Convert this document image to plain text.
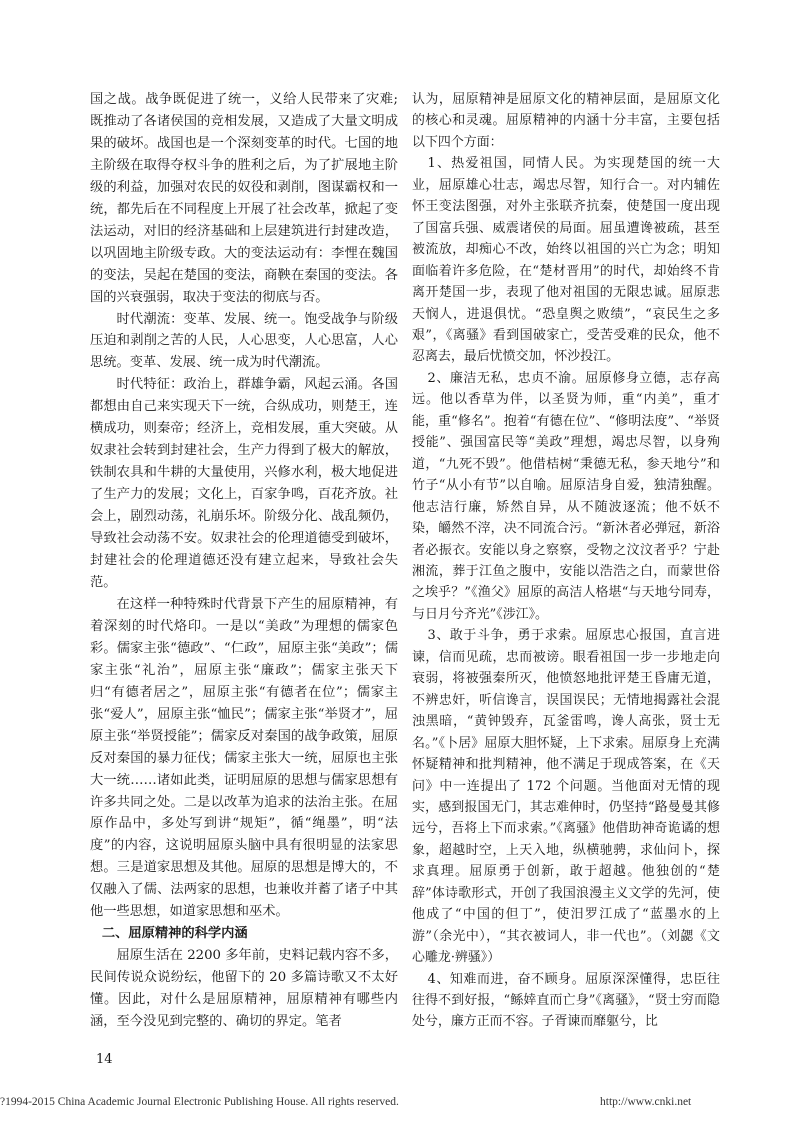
国之战。战争既促进了统一，义给人民带来了灾难;既推动了各诸侯国的竞相发展，又造成了大量文明成果的破坏。战国也是一个深刻变革的时代。七国的地主阶级在取得夺权斗争的胜利之后，为了扩展地主阶级的利益，加强对农民的奴役和剥削，图谋霸权和一统，都先后在不同程度上开展了社会改革，掀起了变法运动，对旧的经济基础和上层建筑进行封建改造，以巩固地主阶级专政。大的变法运动有：李悝在魏国的变法，吴起在楚国的变法，商鞅在秦国的变法。各国的兴衰强弱，取决于变法的彻底与否。

时代潮流：变革、发展、统一。饱受战争与阶级压迫和剥削之苦的人民，人心思变，人心思富，人心思统。变革、发展、统一成为时代潮流。

时代特征：政治上，群雄争霸，风起云涌。各国都想由自己来实现天下一统，合纵成功，则楚王，连横成功，则秦帝；经济上，竞相发展，重大突破。从奴隶社会转到封建社会，生产力得到了极大的解放，铁制农具和牛耕的大量使用，兴修水利，极大地促进了生产力的发展；文化上，百家争鸣，百花齐放。社会上，剧烈动荡，礼崩乐坏。阶级分化、战乱频仍，导致社会动荡不安。奴隶社会的伦理道德受到破坏，封建社会的伦理道德还没有建立起来，导致社会失范。

在这样一种特殊时代背景下产生的屈原精神，有着深刻的时代烙印。一是以“美政”为理想的儒家色彩。儒家主张“德政”、“仁政”，屈原主张“美政”；儒家主张“礼治”，屈原主张“廉政”；儒家主张天下归“有德者居之”，屈原主张“有德者在位”；儒家主张“爱人”，屈原主张“恤民”；儒家主张“举贤才”，屈原主张“举贤授能”；儒家反对秦国的战争政策，屈原反对秦国的暴力征伐；儒家主张大一统，屈原也主张大一统……诸如此类，证明屈原的思想与儒家思想有许多共同之处。二是以改革为追求的法治主张。在屈原作品中，多处写到讲“规矩”，循“绳墨”，明“法度”的内容，这说明屈原头脑中具有很明显的法家思想。三是道家思想及其他。屈原的思想是博大的，不仅融入了儒、法两家的思想，也兼收并蓄了诸子中其他一些思想，如道家思想和巫术。

二、屈原精神的科学内涵

屈原生活在 2200 多年前，史料记载内容不多，民间传说众说纷纭，他留下的 20 多篇诗歌又不太好懂。因此，对什么是屈原精神，屈原精神有哪些内涵，至今没见到完整的、确切的界定。笔者

认为，屈原精神是屈原文化的精神层面，是屈原文化的核心和灵魂。屈原精神的内涵十分丰富，主要包括以下四个方面：

1、热爱祖国，同情人民。为实现楚国的统一大业，屈原雄心壮志，竭忠尽智，知行合一。对内辅佐怀王变法图强，对外主张联齐抗秦，使楚国一度出现了国富兵强、威震诸侯的局面。屈虽遭谗被疏，甚至被流放，却痴心不改，始终以祖国的兴亡为念；明知面临着许多危险，在“楚材晋用”的时代，却始终不肯离开楚国一步，表现了他对祖国的无限忠诚。屈原悲天悯人，进退俱忧。“恐皇舆之败绩”，“哀民生之多艰”，《离骚》看到国破家亡，受苦受难的民众，他不忍离去，最后忧愤交加，怀沙投江。

2、廉洁无私，忠贞不渝。屈原修身立德，志存高远。他以香草为伴，以圣贤为师，重“内美”，重才能，重“修名”。抱着“有德在位”、“修明法度”、“举贤授能”、强国富民等“美政”理想，竭忠尽智，以身殉道，“九死不毁”。他借桔树“秉德无私，参天地兮”和竹子“从小有节”以自喻。屈原洁身自爱，独清独醒。他志洁行廉，矫然自异，从不随波逐流；他不妖不染，皭然不滓，决不同流合污。“新沐者必弹冠，新浴者必振衣。安能以身之察察，受物之汶汶者乎？宁赴湘流，葬于江鱼之腹中，安能以浩浩之白，而蒙世俗之埃乎？”《渔父》屈原的高洁人格堪“与天地兮同寿，与日月兮齐光”《涉江》。

3、敢于斗争，勇于求索。屈原忠心报国，直言进谏，信而见疏，忠而被谤。眼看祖国一步一步地走向衰弱，将被强秦所灭，他愤怒地批评楚王昏庸无道，不辨忠奸，听信谗言，误国误民；无情地揭露社会混浊黑暗，“黄钟毁弃，瓦釜雷鸣，谗人高张，贤士无名。”《卜居》屈原大胆怀疑，上下求索。屈原身上充满怀疑精神和批判精神，他不满足于现成答案，在《天问》中一连提出了 172 个问题。当他面对无情的现实，感到报国无门，其志难伸时，仍坚持“路曼曼其修远兮，吾将上下而求索。”《离骚》他借助神奇诡谲的想象，超越时空，上天入地，纵横驰骋，求仙问卜，探求真理。屈原勇于创新，敢于超越。他独创的“楚辞”体诗歌形式，开创了我国浪漫主义文学的先河，使他成了“中国的但丁”，使汨罗江成了“蓝墨水的上游”（余光中），“其衣被词人，非一代也”。（刘勰《文心雕龙·辨骚》）

4、知难而进，奋不顾身。屈原深深懂得，忠臣往往得不到好报，“鲧婞直而亡身”《离骚》，“贤士穷而隐处兮，廉方正而不容。子胥谏而靡躯兮，比

14
?1994-2015 China Academic Journal Electronic Publishing House. All rights reserved.	http://www.cnki.net
